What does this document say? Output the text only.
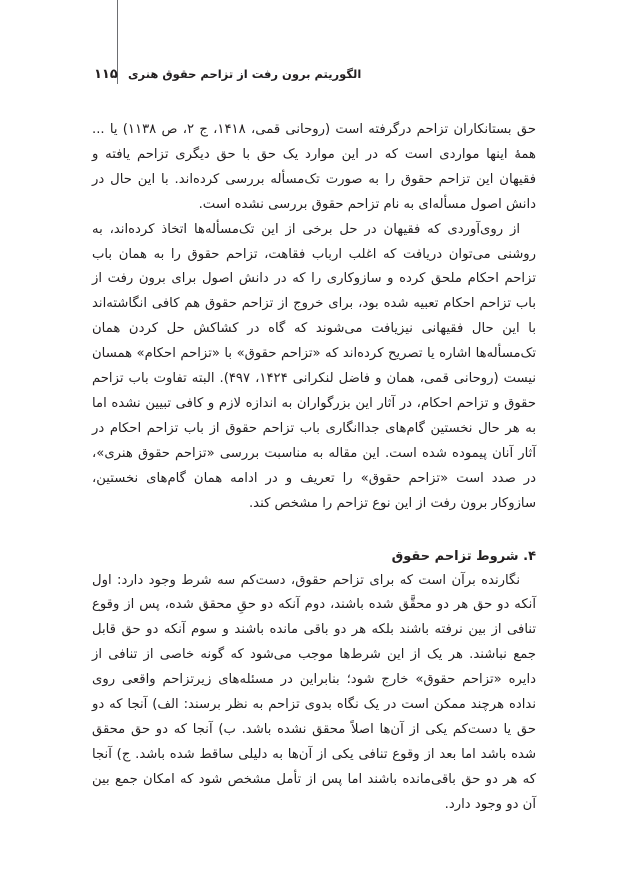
۱۱۵ الگوریتم برون رفت از تزاحم حقوق هنری

حق بستانکاران تزاحم درگرفته است (روحانی قمی، ۱۴۱۸، ج ۲، ص ۱۱۳۸) یا ... همهٔ اینها مواردی است که در این موارد یک حق با حق دیگری تزاحم یافته و فقیهان این تزاحم حقوق را به صورت تک‌مسأله بررسی کرده‌اند. با این حال در دانش اصول مسأله‌ای به نام تزاحم حقوق بررسی نشده است.

از روی‌آوردی که فقیهان در حل برخی از این تک‌مسأله‌ها اتخاذ کرده‌اند، به روشنی می‌توان دریافت که اغلب ارباب فقاهت، تزاحم حقوق را به همان باب تزاحم احکام ملحق کرده و سازوکاری را که در دانش اصول برای برون رفت از باب تزاحم احکام تعبیه شده بود، برای خروج از تزاحم حقوق هم کافی انگاشته‌اند با این حال فقیهانی نیزیافت می‌شوند که گاه در کشاکش حل کردن همان تک‌مسأله‌ها اشاره یا تصریح کرده‌اند که «تزاحم حقوق» با «تزاحم احکام» همسان نیست (روحانی قمی، همان و فاضل لنکرانی ۱۴۲۴، ۴۹۷). البته تفاوت باب تزاحم حقوق و تزاحم احکام، در آثار این بزرگواران به اندازه لازم و کافی تبیین نشده اما به هر حال نخستین گام‌های جداانگاری باب تزاحم حقوق از باب تزاحم احکام در آثار آنان پیموده شده است. این مقاله به مناسبت بررسی «تزاحم حقوق هنری»، در صدد است «تزاحم حقوق» را تعریف و در ادامه همان گام‌های نخستین، سازوکار برون رفت از این نوع تزاحم را مشخص کند.

۴. شروط تزاحم حقوق

نگارنده برآن است که برای تزاحم حقوق، دست‌کم سه شرط وجود دارد: اول آنکه دو حق هر دو محقَّق شده باشند، دوم آنکه دو حقِ محقق شده، پس از وقوع تنافی از بین نرفته باشند بلکه هر دو باقی مانده باشند و سوم آنکه دو حق قابل جمع نباشند. هر یک از این شرط‌ها موجب می‌شود که گونه خاصی از تنافی از دایره «تزاحم حقوق» خارج شود؛ بنابراین در مسئله‌های زیرتزاحم واقعی روی نداده هرچند ممکن است در یک نگاه بدوی تزاحم به نظر برسند: الف) آنجا که دو حق یا دست‌کم یکی از آن‌ها اصلاً محقق نشده باشد. ب) آنجا که دو حق محقق شده باشد اما بعد از وقوع تنافی یکی از آن‌ها به دلیلی ساقط شده باشد. ج) آنجا که هر دو حق باقی‌مانده باشند اما پس از تأمل مشخص شود که امکان جمع بین آن دو وجود دارد.
